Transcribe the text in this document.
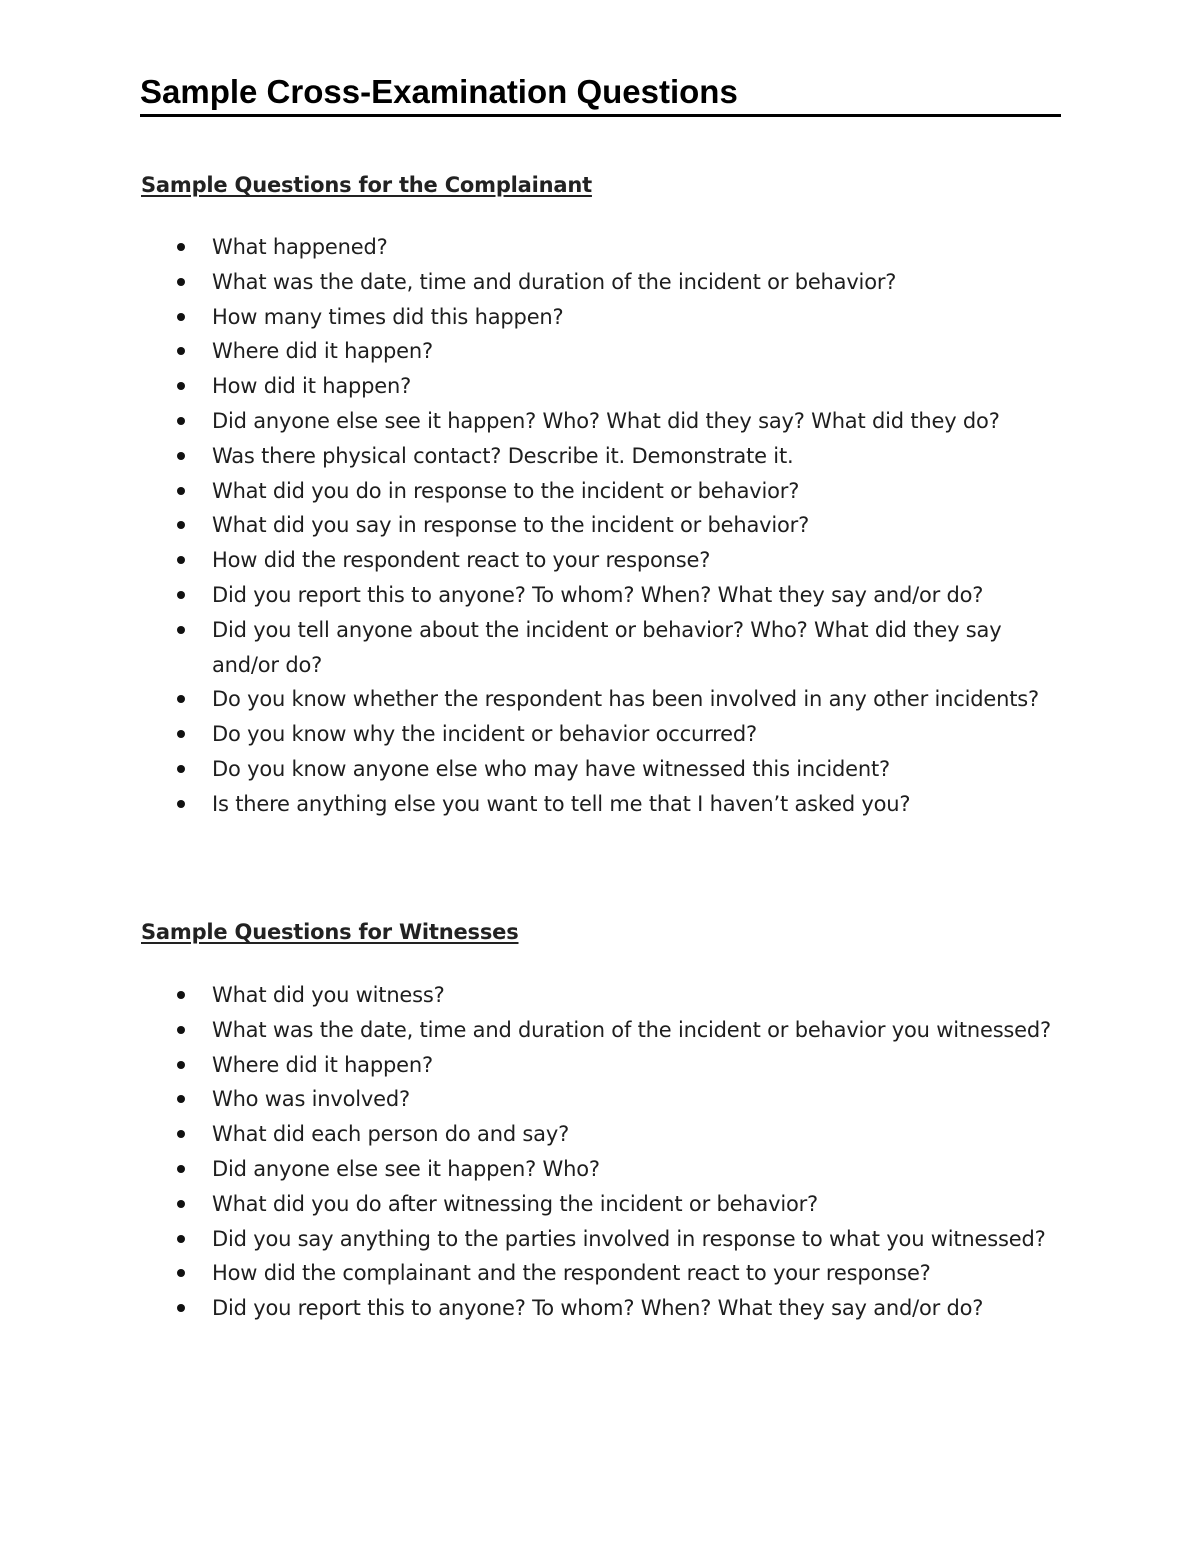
Sample Cross-Examination Questions
Sample Questions for the Complainant
What happened?
What was the date, time and duration of the incident or behavior?
How many times did this happen?
Where did it happen?
How did it happen?
Did anyone else see it happen? Who? What did they say? What did they do?
Was there physical contact? Describe it. Demonstrate it.
What did you do in response to the incident or behavior?
What did you say in response to the incident or behavior?
How did the respondent react to your response?
Did you report this to anyone? To whom? When? What they say and/or do?
Did you tell anyone about the incident or behavior? Who? What did they say and/or do?
Do you know whether the respondent has been involved in any other incidents?
Do you know why the incident or behavior occurred?
Do you know anyone else who may have witnessed this incident?
Is there anything else you want to tell me that I haven’t asked you?
Sample Questions for Witnesses
What did you witness?
What was the date, time and duration of the incident or behavior you witnessed?
Where did it happen?
Who was involved?
What did each person do and say?
Did anyone else see it happen? Who?
What did you do after witnessing the incident or behavior?
Did you say anything to the parties involved in response to what you witnessed?
How did the complainant and the respondent react to your response?
Did you report this to anyone? To whom? When? What they say and/or do?
